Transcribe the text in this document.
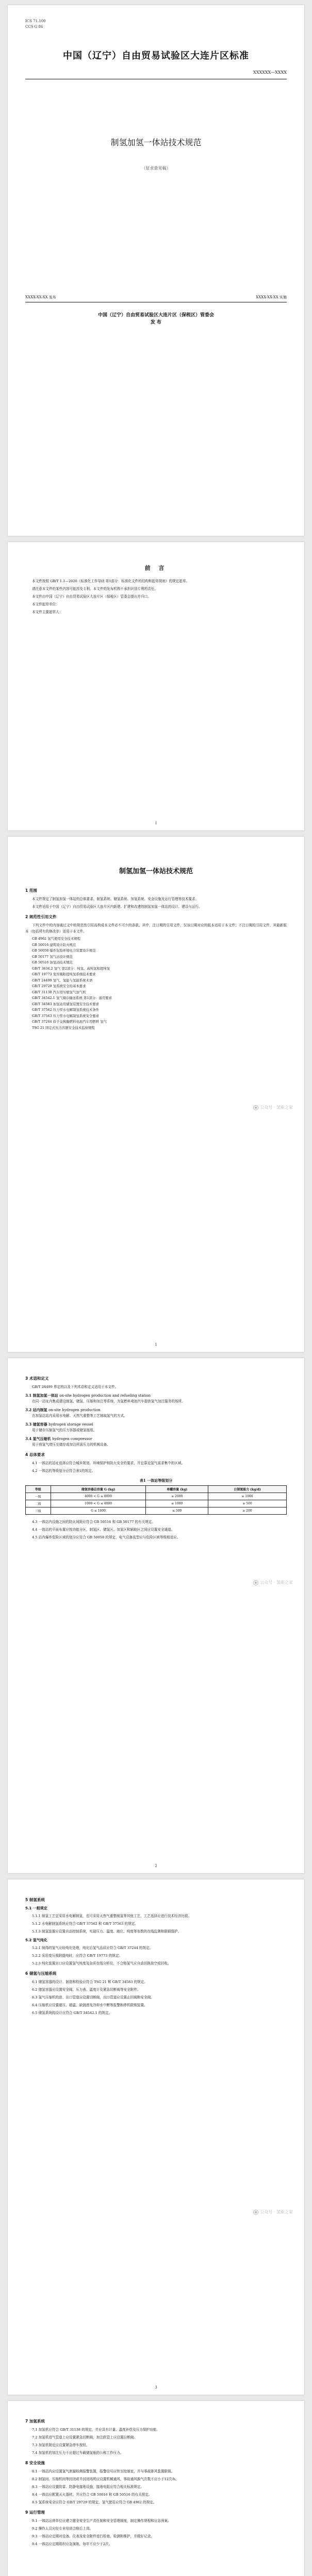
ICS 71.100
CCS G 86
中国（辽宁）自由贸易试验区大连片区标准
XXXXXX—XXXX
制氢加氢一体站技术规范
（征求意见稿）
XXXX-XX-XX 发布	XXXX-XX-XX 实施
中国（辽宁）自由贸易试验区大连片区（保税区）管委会
发 布
前 言

本文件按照 GB/T 1.1—2020《标准化工作导则 第1部分：标准化文件的结构和起草规则》的规定起草。

请注意本文件的某些内容可能涉及专利。本文件的发布机构不承担识别专利的责任。

本文件由中国（辽宁）自由贸易试验区大连片区（保税区）管委会提出并归口。

本文件起草单位：

本文件主要起草人：

I
制氢加氢一体站技术规范
1 范围

本文件规定了制氢加氢一体站的总体要求、制氢系统、储氢系统、加氢系统、安全设施及运行管理等技术要求。

本文件适用于中国（辽宁）自由贸易试验区大连片区内新建、扩建和改建的制氢加氢一体站的设计、建设与运行。

2 规范性引用文件

下列文件中的内容通过文中的规范性引用而构成本文件必不可少的条款。其中，注日期的引用文件，仅该日期对应的版本适用于本文件；不注日期的引用文件，其最新版本（包括所有的修改单）适用于本文件。

GB 4962 氢气使用安全技术规程
GB 50016 建筑设计防火规范
GB 50058 爆炸危险环境电力装置设计规范
GB 50177 氢气站设计规范
GB 50516 加氢站技术规范
GB/T 3634.2 氢气 第2部分：纯氢、高纯氢和超纯氢
GB/T 19773 变压吸附提纯氢系统技术要求
GB/T 24499 氢气、氢能与氢能系统术语
GB/T 29729 氢系统安全的基本要求
GB/T 31138 汽车用压缩氢气加气机
GB/T 34542.1 氢气储存输送系统 第1部分：通用要求
GB/T 34583 加氢站用储氢装置安全技术要求
GB/T 37562 压力型水电解制氢系统技术条件
GB/T 37563 压力型水电解制氢系统安全要求
GB/T 37244 质子交换膜燃料电池汽车用燃料 氢气
TSG 21 固定式压力容器安全技术监察规程
公众号 · 氢能之家
1
3 术语和定义

GB/T 24499 界定的以及下列术语和定义适用于本文件。

3.1 制氢加氢一体站 on-site hydrogen production and refueling station

在同一站址内集成建设制氢、储氢、压缩和加注等系统，为氢燃料电池汽车提供氢气加注服务的场所。

3.2 站内制氢 on-site hydrogen production

在加氢站站内采用水电解、天然气重整等工艺制取氢气的方式。

3.3 储氢容器 hydrogen storage vessel

用于储存压缩氢气的压力容器或储氢瓶组。

3.4 氢气压缩机 hydrogen compressor

用于将氢气增压至储存或加注所需压力的机械设备。

4 总体要求

4.1 一体站的站址选择应符合城乡规划、环境保护和防火安全的要求，并宜靠近氢气需求集中的区域。

4.2 一体站的等级划分应符合表1的规定。

表1 一体站等级划分
等级	储氢容器总容量 G (kg)	单罐容量 (kg)	日制氢能力 (kg/d)
一级	4000 < G ≤ 8000	≤ 2000	≥ 1000
二级	1000 < G ≤ 4000	≤ 1000	≥ 500
三级	G ≤ 1000	≤ 500	≥ 200

4.3 一体站内设施之间的防火间距应符合 GB 50516 和 GB 50177 的有关规定。

4.4 一体站的平面布置应按功能分区，制氢区、储氢区、加氢区和辅助区之间应设置安全通道。

4.5 站内爆炸危险区域的划分应符合 GB 50058 的规定，电气设备选型应与危险区域等级相适应。

公众号 · 氢能之家
2
5 制氢系统
5.1 一般规定

5.1.1 制氢工艺宜采用水电解制氢，也可采用天然气重整制氢等其他工艺，工艺选择应进行技术经济比较。

5.1.2 水电解制氢系统应符合 GB/T 37562 和 GB/T 37563 的规定。

5.1.3 制氢装置应设置自动控制系统，实现压力、温度、液位、纯度等参数的在线监测和联锁保护。

5.2 氢气纯化

5.2.1 制得的氢气应经纯化处理，纯化后氢气品质应符合 GB/T 37244 的规定。

5.2.2 采用变压吸附提纯时，应符合 GB/T 19773 的规定。

5.2.3 纯化装置出口应设置氢气纯度及杂质在线分析仪，不合格氢气应自动切换放空或回收。

6 储氢与压缩系统

6.1 储氢容器的设计、制造和检验应符合 TSG 21 和 GB/T 34583 的规定。

6.2 储氢容器应设置安全阀、压力表、温度计及紧急切断阀等安全附件。

6.3 氢气压缩机的进、出口管道应设置切断阀，出口管道应设置止回阀和安全阀。

6.4 压缩机应设置超压、超温、缺润滑及冷却水中断等报警和停机联锁装置。

6.5 储氢系统的设计应符合 GB/T 34542.1 的规定。

公众号 · 氢能之家
3
7 加氢系统

7.1 加氢机应符合 GB/T 31138 的规定，并应具有计量、温度补偿及压力保护功能。

7.2 加氢机进气管道上应设置紧急切断阀，加注软管上应设置拉断阀。

7.3 加氢机附近应设置紧急停车按钮。

7.4 加氢机的加注压力不应超过车载储氢瓶的公称工作压力。

8 安全设施

8.1 一体站内应设置氢气泄漏检测报警装置，报警信号应传至控制室，并与事故排风装置联锁。

8.2 制氢间、压缩机间等封闭或半封闭场所应设置机械通风，事故通风换气次数不应小于12次/h。

8.3 一体站应设置防雷、防静电接地设施，接地电阻应符合相关标准规定。

8.4 一体站应配置灭火器材，并应符合 GB 50016 和 GB 50516 的有关规定。

8.5 氢系统安全应符合 GB/T 29729 的规定，氢气使用应符合 GB 4962 的规定。

9 运行管理

9.1 一体站运营单位应建立健全安全生产责任制和安全管理制度，制定操作规程和应急预案。

9.2 操作人员应经专业培训合格后上岗。

9.3 一体站应定期对设备、仪表及安全附件进行检查、检测和维护，并做好记录。

9.4 一体站应定期组织应急演练，每年不应少于2次。
